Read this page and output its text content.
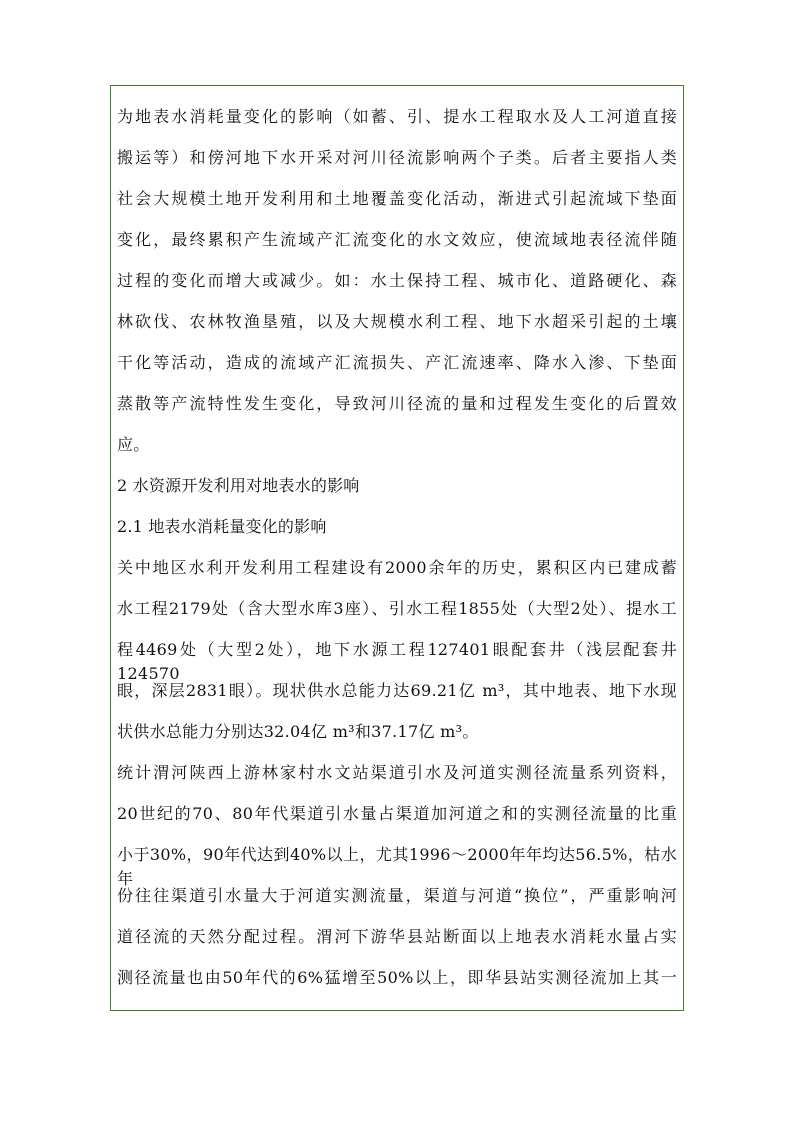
为地表水消耗量变化的影响（如蓄、引、提水工程取水及人工河道直接
搬运等）和傍河地下水开采对河川径流影响两个子类。后者主要指人类
社会大规模土地开发利用和土地覆盖变化活动，渐进式引起流域下垫面
变化，最终累积产生流域产汇流变化的水文效应，使流域地表径流伴随
过程的变化而增大或减少。如：水土保持工程、城市化、道路硬化、森
林砍伐、农林牧渔垦殖，以及大规模水利工程、地下水超采引起的土壤
干化等活动，造成的流域产汇流损失、产汇流速率、降水入渗、下垫面
蒸散等产流特性发生变化，导致河川径流的量和过程发生变化的后置效
应。
2 水资源开发利用对地表水的影响
2.1 地表水消耗量变化的影响
关中地区水利开发利用工程建设有2000余年的历史，累积区内已建成蓄
水工程2179处（含大型水库3座）、引水工程1855处（大型2处）、提水工
程4469处（大型2处），地下水源工程127401眼配套井（浅层配套井124570
眼，深层2831眼）。现状供水总能力达69.21亿 m³，其中地表、地下水现
状供水总能力分别达32.04亿 m³和37.17亿 m³。
统计渭河陕西上游林家村水文站渠道引水及河道实测径流量系列资料，
20世纪的70、80年代渠道引水量占渠道加河道之和的实测径流量的比重
小于30%，90年代达到40%以上，尤其1996～2000年年均达56.5%，枯水年
份往往渠道引水量大于河道实测流量，渠道与河道“换位”，严重影响河
道径流的天然分配过程。渭河下游华县站断面以上地表水消耗水量占实
测径流量也由50年代的6%猛增至50%以上，即华县站实测径流加上其一
